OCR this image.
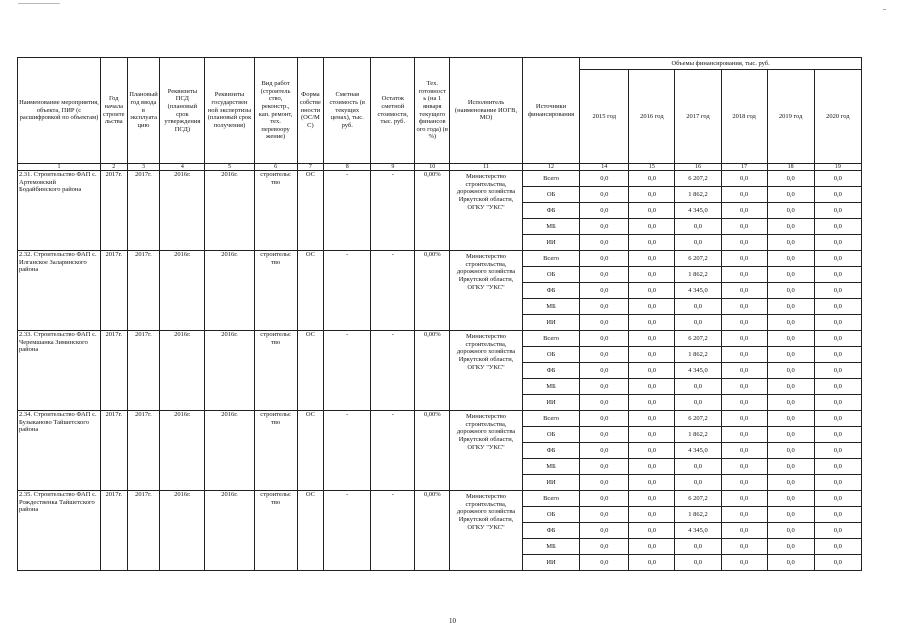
Наименование мероприятия, объекта, ПИР (с расшифровкой по объектам)	Год начала строите льства	Плановый год ввода в эксплуата цию	Реквизиты ПСД (плановый срок утверждения ПСД)	Реквизиты государствен ной экспертизы (плановый срок получения)	Вид работ (строитель ство, реконстр., кап. ремонт, тех. перевоору жение)	Форма собстве нности (ОС/М С)	Сметная стоимость (в текущих ценах), тыс. руб.	Остаток сметной стоимости, тыс. руб.	Тех. готовност ь (на 1 января текущего финансов ого года) (в %)	Исполнитель (наименование ИОГВ, МО)	Источники финансирования	Объемы финансирования, тыс. руб.					
												2015 год	2016 год	2017 год	2018 год	2019 год	2020 год
1	2	3	4	5	6	7	8	9	10	11	12	14	15	16	17	18	19
2.31. Строительство ФАП с. Артемовский Бодайбинского района	2017г.	2017г.	2016г.	2016г.	строительс тво	ОС	-	-	0,00%	Министерство строительства, дорожного хозяйства Иркутской области, ОГКУ "УКС"	Всего	0,0	0,0	6 207,2	0,0	0,0	0,0
											ОБ	0,0	0,0	1 862,2	0,0	0,0	0,0
											ФБ	0,0	0,0	4 345,0	0,0	0,0	0,0
											МБ	0,0	0,0	0,0	0,0	0,0	0,0
											ИИ	0,0	0,0	0,0	0,0	0,0	0,0
2.32. Строительство ФАП с. Илганское Заларинского района	2017г.	2017г.	2016г.	2016г.	строительс тво	ОС	-	-	0,00%	Министерство строительства, дорожного хозяйства Иркутской области, ОГКУ "УКС"	Всего	0,0	0,0	6 207,2	0,0	0,0	0,0
											ОБ	0,0	0,0	1 862,2	0,0	0,0	0,0
											ФБ	0,0	0,0	4 345,0	0,0	0,0	0,0
											МБ	0,0	0,0	0,0	0,0	0,0	0,0
											ИИ	0,0	0,0	0,0	0,0	0,0	0,0
2.33. Строительство ФАП с. Черемшанка Зиминского района	2017г.	2017г.	2016г.	2016г.	строительс тво	ОС	-	-	0,00%	Министерство строительства, дорожного хозяйства Иркутской области, ОГКУ "УКС"	Всего	0,0	0,0	6 207,2	0,0	0,0	0,0
											ОБ	0,0	0,0	1 862,2	0,0	0,0	0,0
											ФБ	0,0	0,0	4 345,0	0,0	0,0	0,0
											МБ	0,0	0,0	0,0	0,0	0,0	0,0
											ИИ	0,0	0,0	0,0	0,0	0,0	0,0
2.34. Строительство ФАП с. Бузыканово Тайшетского района	2017г.	2017г.	2016г.	2016г.	строительс тво	ОС	-	-	0,00%	Министерство строительства, дорожного хозяйства Иркутской области, ОГКУ "УКС"	Всего	0,0	0,0	6 207,2	0,0	0,0	0,0
											ОБ	0,0	0,0	1 862,2	0,0	0,0	0,0
											ФБ	0,0	0,0	4 345,0	0,0	0,0	0,0
											МБ	0,0	0,0	0,0	0,0	0,0	0,0
											ИИ	0,0	0,0	0,0	0,0	0,0	0,0
2.35. Строительство ФАП с. Рождественка Тайшетского района	2017г.	2017г.	2016г.	2016г.	строительс тво	ОС	-	-	0,00%	Министерство строительства, дорожного хозяйства Иркутской области, ОГКУ "УКС"	Всего	0,0	0,0	6 207,2	0,0	0,0	0,0
											ОБ	0,0	0,0	1 862,2	0,0	0,0	0,0
											ФБ	0,0	0,0	4 345,0	0,0	0,0	0,0
											МБ	0,0	0,0	0,0	0,0	0,0	0,0
											ИИ	0,0	0,0	0,0	0,0	0,0	0,0
10
